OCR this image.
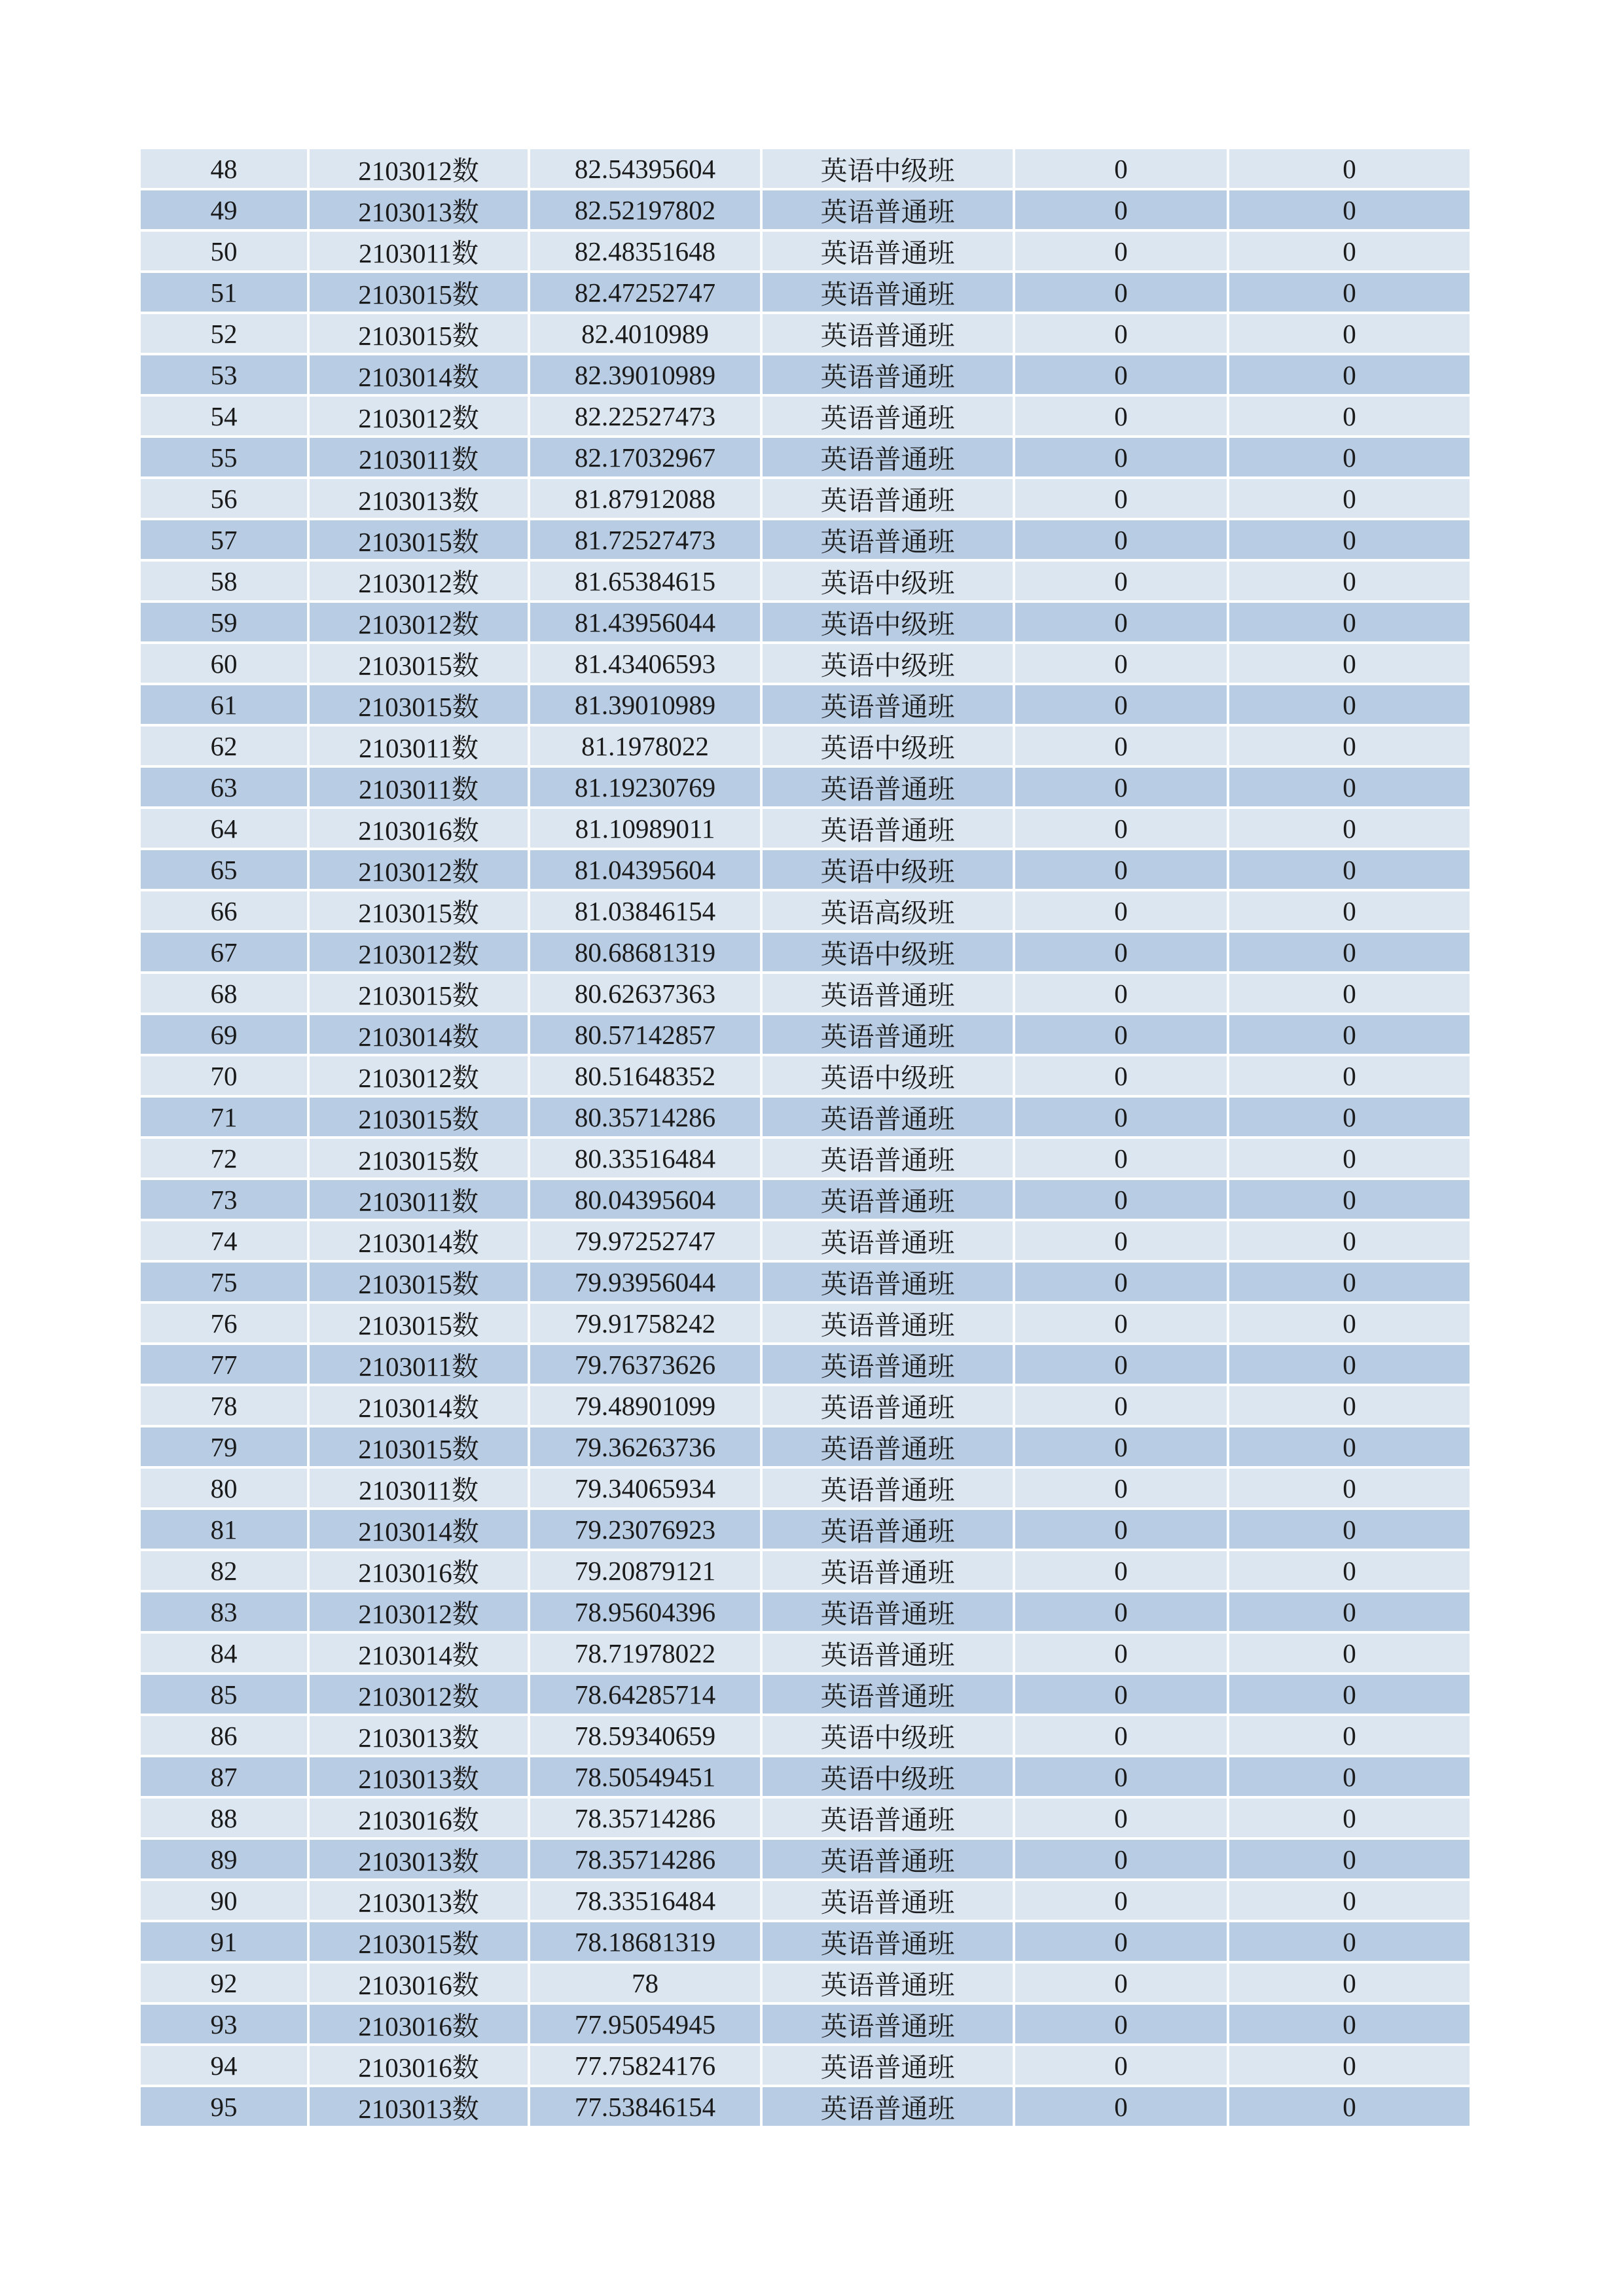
48	2103012数	82.54395604	英语中级班	0	0
49	2103013数	82.52197802	英语普通班	0	0
50	2103011数	82.48351648	英语普通班	0	0
51	2103015数	82.47252747	英语普通班	0	0
52	2103015数	82.4010989	英语普通班	0	0
53	2103014数	82.39010989	英语普通班	0	0
54	2103012数	82.22527473	英语普通班	0	0
55	2103011数	82.17032967	英语普通班	0	0
56	2103013数	81.87912088	英语普通班	0	0
57	2103015数	81.72527473	英语普通班	0	0
58	2103012数	81.65384615	英语中级班	0	0
59	2103012数	81.43956044	英语中级班	0	0
60	2103015数	81.43406593	英语中级班	0	0
61	2103015数	81.39010989	英语普通班	0	0
62	2103011数	81.1978022	英语中级班	0	0
63	2103011数	81.19230769	英语普通班	0	0
64	2103016数	81.10989011	英语普通班	0	0
65	2103012数	81.04395604	英语中级班	0	0
66	2103015数	81.03846154	英语高级班	0	0
67	2103012数	80.68681319	英语中级班	0	0
68	2103015数	80.62637363	英语普通班	0	0
69	2103014数	80.57142857	英语普通班	0	0
70	2103012数	80.51648352	英语中级班	0	0
71	2103015数	80.35714286	英语普通班	0	0
72	2103015数	80.33516484	英语普通班	0	0
73	2103011数	80.04395604	英语普通班	0	0
74	2103014数	79.97252747	英语普通班	0	0
75	2103015数	79.93956044	英语普通班	0	0
76	2103015数	79.91758242	英语普通班	0	0
77	2103011数	79.76373626	英语普通班	0	0
78	2103014数	79.48901099	英语普通班	0	0
79	2103015数	79.36263736	英语普通班	0	0
80	2103011数	79.34065934	英语普通班	0	0
81	2103014数	79.23076923	英语普通班	0	0
82	2103016数	79.20879121	英语普通班	0	0
83	2103012数	78.95604396	英语普通班	0	0
84	2103014数	78.71978022	英语普通班	0	0
85	2103012数	78.64285714	英语普通班	0	0
86	2103013数	78.59340659	英语中级班	0	0
87	2103013数	78.50549451	英语中级班	0	0
88	2103016数	78.35714286	英语普通班	0	0
89	2103013数	78.35714286	英语普通班	0	0
90	2103013数	78.33516484	英语普通班	0	0
91	2103015数	78.18681319	英语普通班	0	0
92	2103016数	78	英语普通班	0	0
93	2103016数	77.95054945	英语普通班	0	0
94	2103016数	77.75824176	英语普通班	0	0
95	2103013数	77.53846154	英语普通班	0	0
